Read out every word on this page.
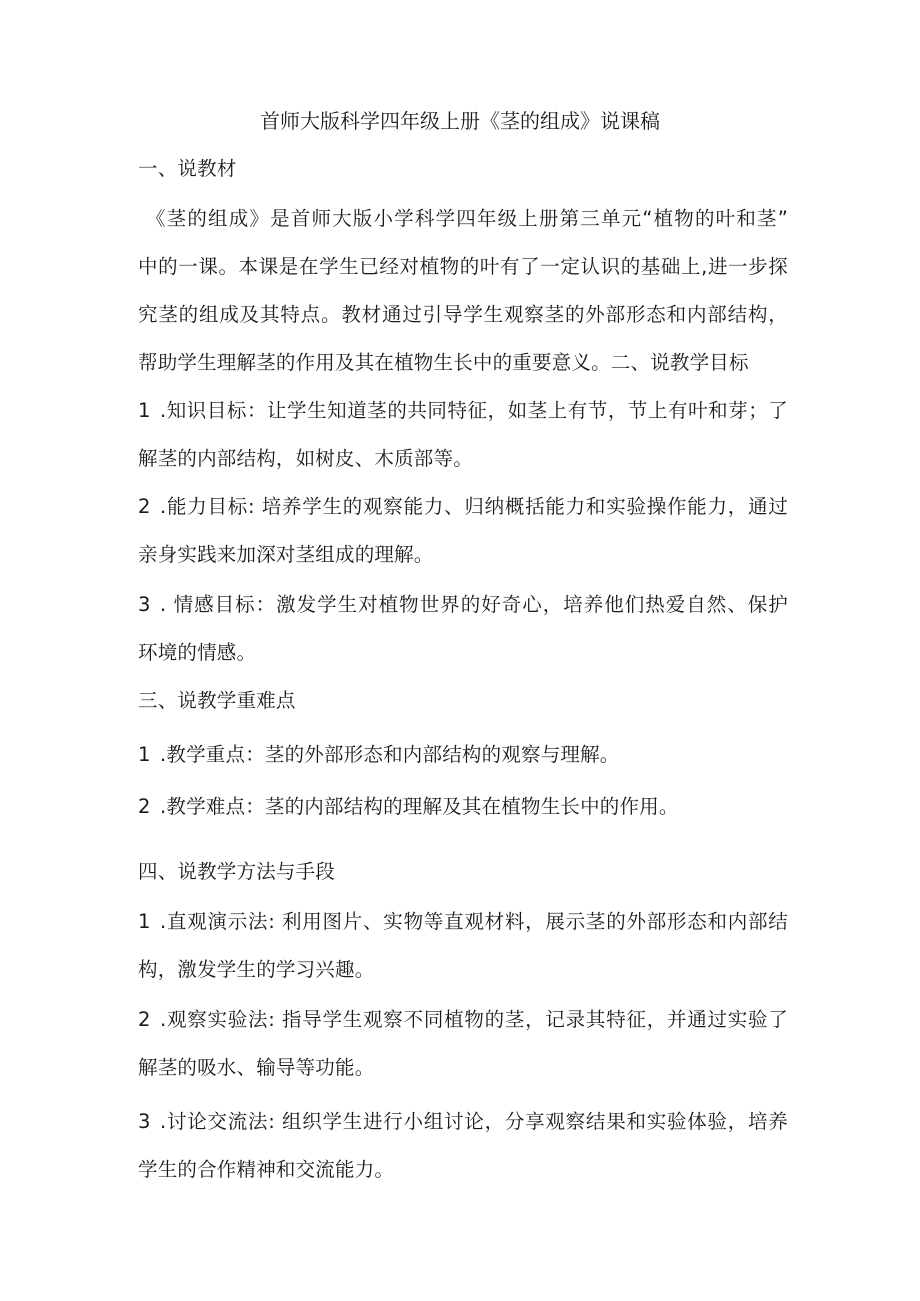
首师大版科学四年级上册《茎的组成》说课稿
一、说教材
《茎的组成》是首师大版小学科学四年级上册第三单元“植物的叶和茎”
中的一课。本课是在学生已经对植物的叶有了一定认识的基础上,进一步探
究茎的组成及其特点。教材通过引导学生观察茎的外部形态和内部结构，
帮助学生理解茎的作用及其在植物生长中的重要意义。二、说教学目标
1 .知识目标：让学生知道茎的共同特征，如茎上有节，节上有叶和芽；了
解茎的内部结构，如树皮、木质部等。
2 .能力目标: 培养学生的观察能力、归纳概括能力和实验操作能力，通过
亲身实践来加深对茎组成的理解。
3 . 情感目标：激发学生对植物世界的好奇心，培养他们热爱自然、保护
环境的情感。
三、说教学重难点
1 .教学重点：茎的外部形态和内部结构的观察与理解。
2 .教学难点：茎的内部结构的理解及其在植物生长中的作用。
四、说教学方法与手段
1 .直观演示法: 利用图片、实物等直观材料，展示茎的外部形态和内部结
构，激发学生的学习兴趣。
2 .观察实验法: 指导学生观察不同植物的茎，记录其特征，并通过实验了
解茎的吸水、输导等功能。
3 .讨论交流法: 组织学生进行小组讨论，分享观察结果和实验体验，培养
学生的合作精神和交流能力。
